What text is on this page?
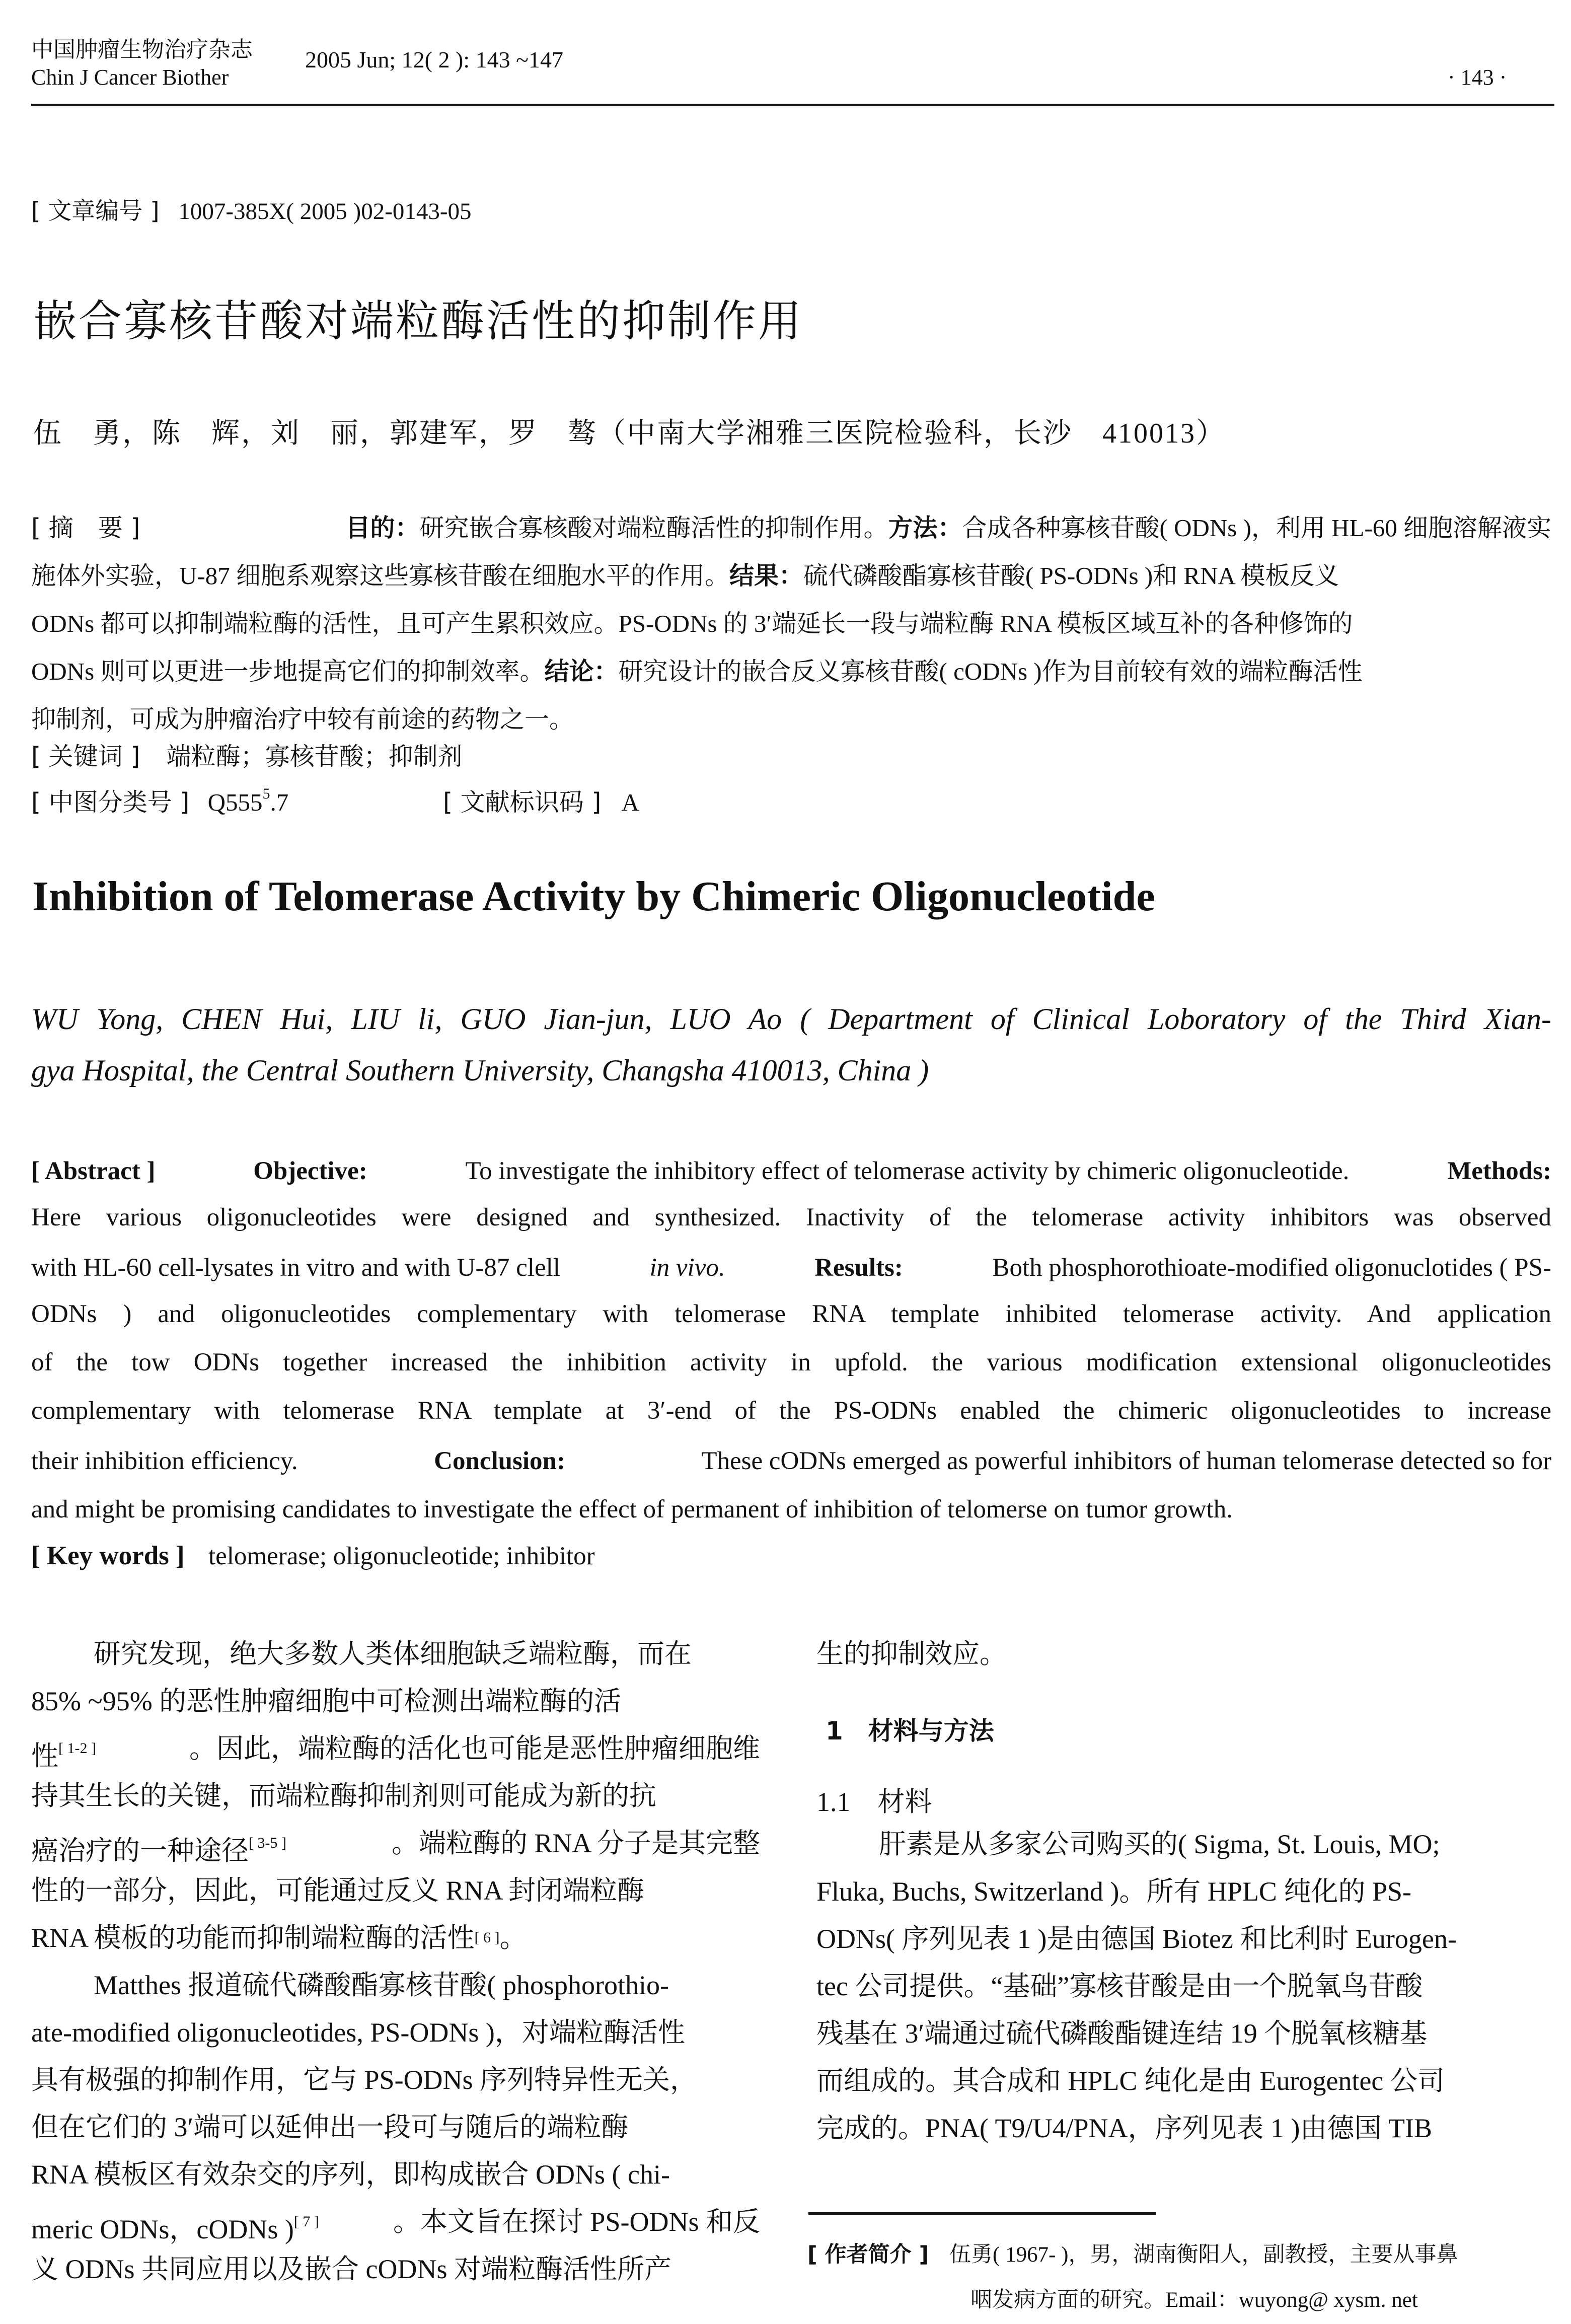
中国肿瘤生物治疗杂志
Chin J Cancer Biother
2005 Jun; 12( 2 ): 143 ~147
· 143 ·
[ 文章编号 ] 1007-385X( 2005 )02-0143-05
嵌合寡核苷酸对端粒酶活性的抑制作用
伍　勇，陈　辉，刘　丽，郭建军，罗　骜（中南大学湘雅三医院检验科，长沙　410013）
[ 摘　要 ]	目的：研究嵌合寡核酸对端粒酶活性的抑制作用。方法：合成各种寡核苷酸( ODNs )，利用 HL-60 细胞溶解液实
施体外实验，U-87 细胞系观察这些寡核苷酸在细胞水平的作用。结果：硫代磷酸酯寡核苷酸( PS-ODNs )和 RNA 模板反义
ODNs 都可以抑制端粒酶的活性，且可产生累积效应。PS-ODNs 的 3′端延长一段与端粒酶 RNA 模板区域互补的各种修饰的
ODNs 则可以更进一步地提高它们的抑制效率。结论：研究设计的嵌合反义寡核苷酸( cODNs )作为目前较有效的端粒酶活性
抑制剂，可成为肿瘤治疗中较有前途的药物之一。
[ 关键词 ] 端粒酶；寡核苷酸；抑制剂
[ 中图分类号 ] $Q555^5.7$	[ 文献标识码 ] A
Inhibition of Telomerase Activity by Chimeric Oligonucleotide
WU Yong, CHEN Hui, LIU li, GUO Jian-jun, LUO Ao ( Department of Clinical Loboratory of the Third Xian-
gya Hospital, the Central Southern University, Changsha 410013, China )
[ Abstract ]	Objective:	To investigate the inhibitory effect of telomerase activity by chimeric oligonucleotide.	Methods:
Here various oligonucleotides were designed and synthesized. Inactivity of the telomerase activity inhibitors was observed
with HL-60 cell-lysates in vitro and with U-87 clell	in vivo.	Results:	Both phosphorothioate-modified oligonuclotides ( PS-
ODNs ) and oligonucleotides complementary with telomerase RNA template inhibited telomerase activity. And application
of the tow ODNs together increased the inhibition activity in upfold. the various modification extensional oligonucleotides
complementary with telomerase RNA template at 3′-end of the PS-ODNs enabled the chimeric oligonucleotides to increase
their inhibition efficiency.	Conclusion:	These cODNs emerged as powerful inhibitors of human telomerase detected so for
and might be promising candidates to investigate the effect of permanent of inhibition of telomerse on tumor growth.
[ Key words ] telomerase; oligonucleotide; inhibitor
研究发现，绝大多数人类体细胞缺乏端粒酶，而在
85% ~95% 的恶性肿瘤细胞中可检测出端粒酶的活
性[ 1-2 ]	。因此，端粒酶的活化也可能是恶性肿瘤细胞维
持其生长的关键，而端粒酶抑制剂则可能成为新的抗
癌治疗的一种途径[ 3-5 ]	。端粒酶的 RNA 分子是其完整
性的一部分，因此，可能通过反义 RNA 封闭端粒酶
RNA 模板的功能而抑制端粒酶的活性 [ 6 ] 。
Matthes 报道硫代磷酸酯寡核苷酸( phosphorothio-
ate-modified oligonucleotides, PS-ODNs )，对端粒酶活性
具有极强的抑制作用，它与 PS-ODNs 序列特异性无关，
但在它们的 3′端可以延伸出一段可与随后的端粒酶
RNA 模板区有效杂交的序列，即构成嵌合 ODNs ( chi-
meric ODNs，cODNs )[ 7 ]	。本文旨在探讨 PS-ODNs 和反
义 ODNs 共同应用以及嵌合 cODNs 对端粒酶活性所产
生的抑制效应。
1　材料与方法
1.1　材料
肝素是从多家公司购买的( Sigma, St. Louis, MO;
Fluka, Buchs, Switzerland )。所有 HPLC 纯化的 PS-
ODNs( 序列见表 1 )是由德国 Biotez 和比利时 Eurogen-
tec 公司提供。“基础”寡核苷酸是由一个脱氧鸟苷酸
残基在 3′端通过硫代磷酸酯键连结 19 个脱氧核糖基
而组成的。其合成和 HPLC 纯化是由 Eurogentec 公司
完成的。PNA( T9/U4/PNA，序列见表 1 )由德国 TIB
[ 作者简介 ] 伍勇( 1967- )，男，湖南衡阳人，副教授，主要从事鼻
咽发病方面的研究。Email：wuyong@ xysm. net
